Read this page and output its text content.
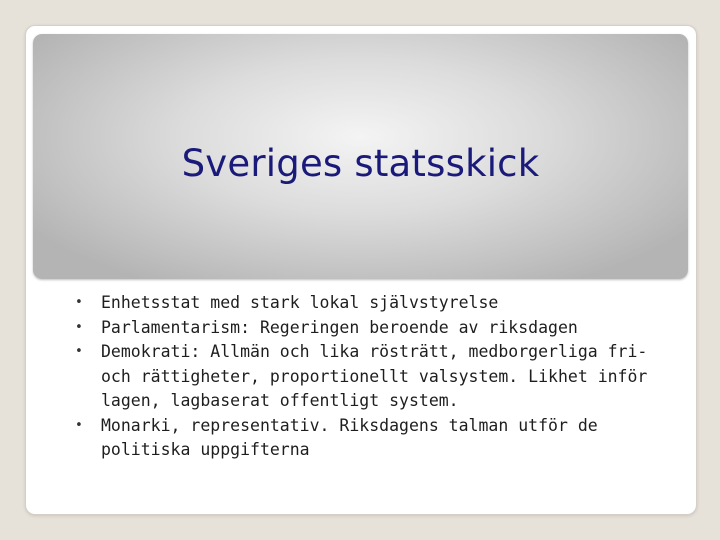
Sveriges statsskick
• Enhetsstat med stark lokal självstyrelse
• Parlamentarism: Regeringen beroende av riksdagen
• Demokrati: Allmän och lika rösträtt, medborgerliga fri- och rättigheter, proportionellt valsystem. Likhet inför lagen, lagbaserat offentligt system.
• Monarki, representativ. Riksdagens talman utför de politiska uppgifterna
